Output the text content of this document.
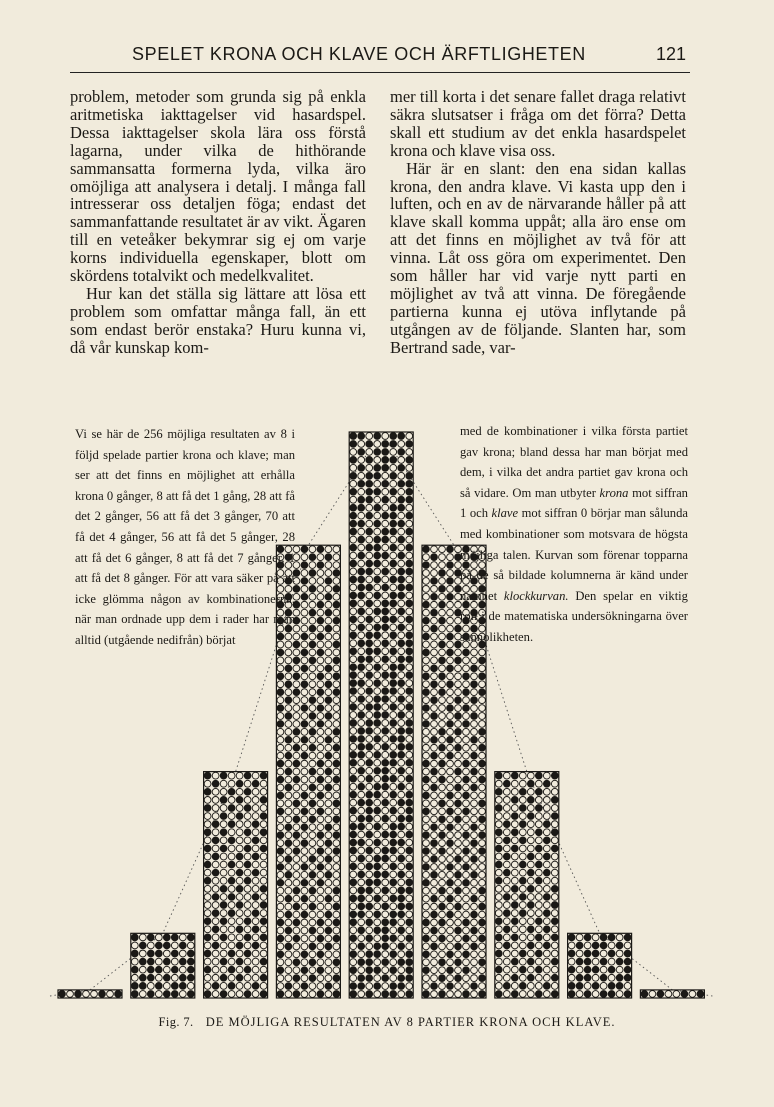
SPELET KRONA OCH KLAVE OCH ÄRFTLIGHETEN	121

problem, metoder som grunda sig på enkla aritmetiska iakttagelser vid hasardspel. Dessa iakttagelser skola lära oss förstå lagarna, under vilka de hithörande sammansatta formerna lyda, vilka äro omöjliga att analysera i detalj. I många fall intresserar oss detaljen föga; endast det sammanfattande resultatet är av vikt. Ägaren till en veteåker bekymrar sig ej om varje korns individuella egenskaper, blott om skördens totalvikt och medelkvalitet.

Hur kan det ställa sig lättare att lösa ett problem som omfattar många fall, än ett som endast berör enstaka? Huru kunna vi, då vår kunskap kom-

mer till korta i det senare fallet draga relativt säkra slutsatser i fråga om det förra? Detta skall ett studium av det enkla hasardspelet krona och klave visa oss.

Här är en slant: den ena sidan kallas krona, den andra klave. Vi kasta upp den i luften, och en av de närvarande håller på att klave skall komma uppåt; alla äro ense om att det finns en möjlighet av två för att vinna. Låt oss göra om experimentet. Den som håller har vid varje nytt parti en möjlighet av två att vinna. De föregående partierna kunna ej utöva inflytande på utgången av de följande. Slanten har, som Bertrand sade, var-

Vi se här de 256 möjliga resultaten av 8 i följd spelade partier krona och klave; man ser att det finns en möjlighet att erhålla krona 0 gånger, 8 att få det 1 gång, 28 att få det 2 gånger, 56 att få det 3 gånger, 70 att få det 4 gånger, 56 att få det 5 gånger, 28 att få det 6 gånger, 8 att få det 7 gånger, 1 att få det 8 gånger. För att vara säker på att icke glömma någon av kombinationerna, när man ordnade upp dem i rader har man alltid (utgående nedifrån) börjat
med de kombinationer i vilka första partiet gav krona; bland dessa har man börjat med dem, i vilka det andra partiet gav krona och så vidare. Om man utbyter krona mot siffran 1 och klave mot siffran 0 börjar man sålunda med kombinationer som motsvara de högsta möjliga talen. Kurvan som förenar topparna på de så bildade kolumnerna är känd under namnet klockkurvan. Den spelar en viktig roll i de matematiska undersökningarna över sannolikheten.
Fig. 7. DE MÖJLIGA RESULTATEN AV 8 PARTIER KRONA OCH KLAVE.
